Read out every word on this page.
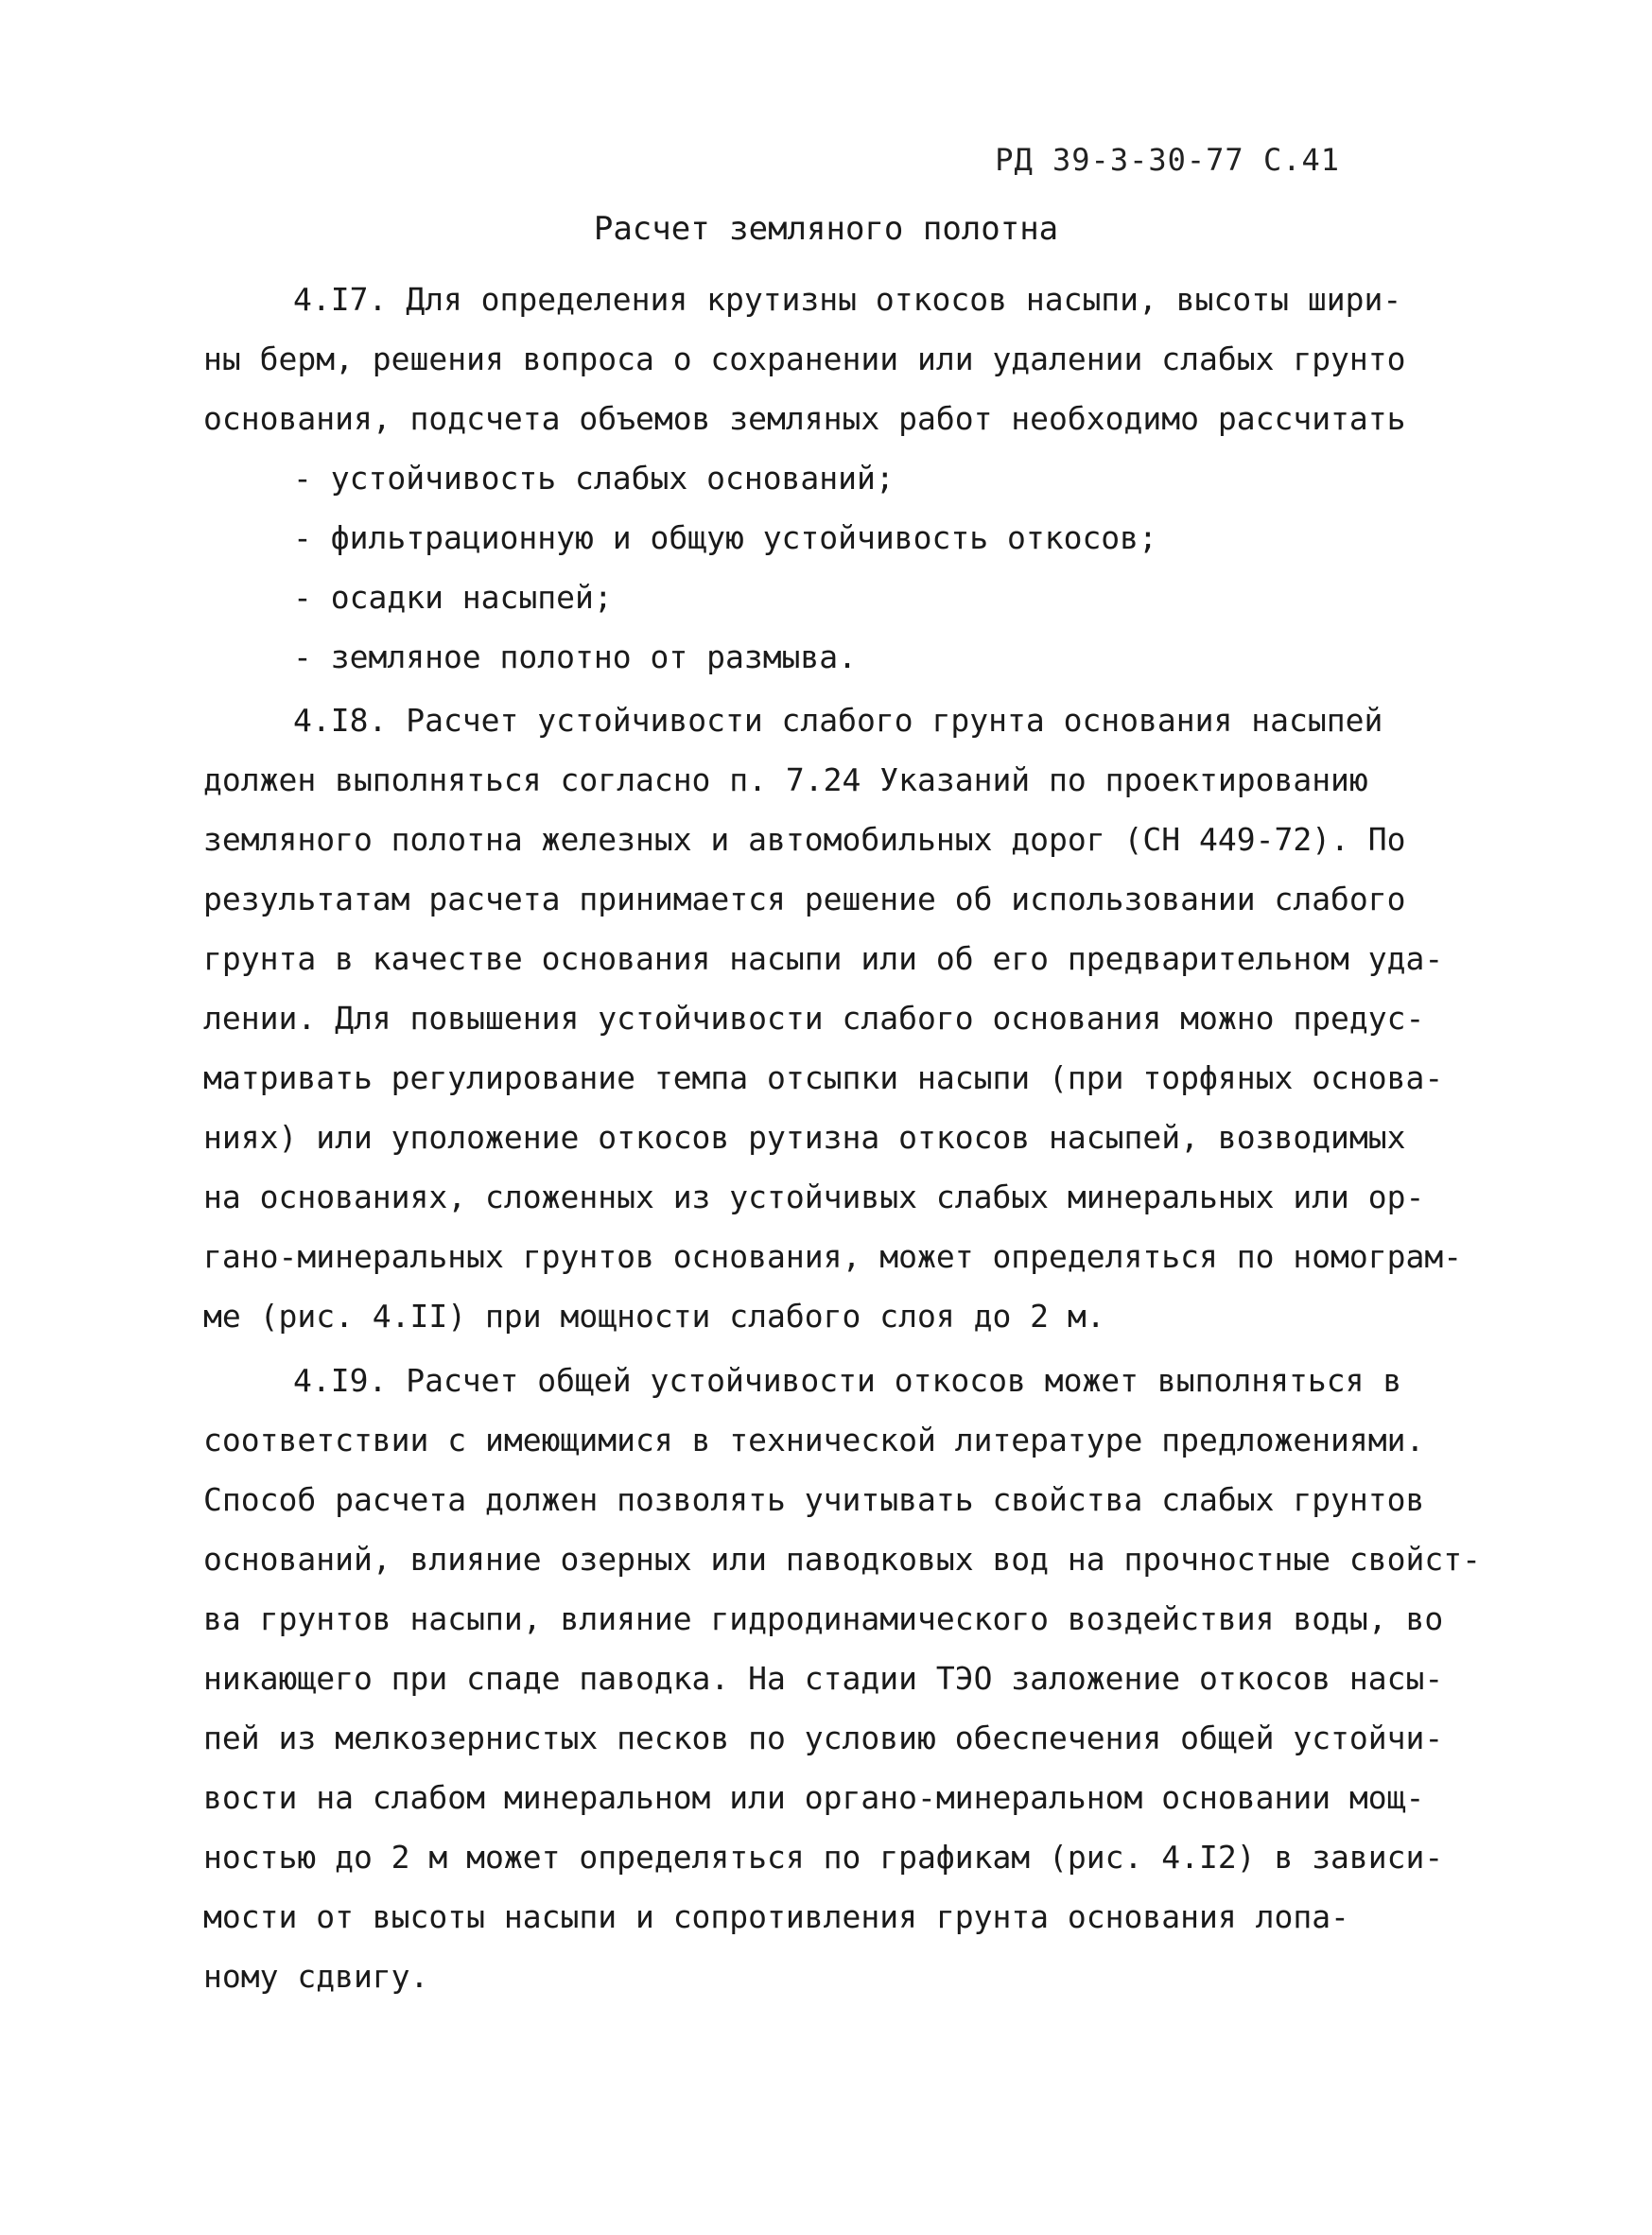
РД 39-3-30-77 С.41
Расчет земляного полотна
4.I7. Для определения крутизны откосов насыпи, высоты шири-
ны берм, решения вопроса о сохранении или удалении слабых грунто
основания, подсчета объемов земляных работ необходимо рассчитать
- устойчивость слабых оснований;
- фильтрационную и общую устойчивость откосов;
- осадки насыпей;
- земляное полотно от размыва.
4.I8. Расчет устойчивости слабого грунта основания насыпей
должен выполняться согласно п. 7.24 Указаний по проектированию
земляного полотна железных и автомобильных дорог (СН 449-72). По
результатам расчета принимается решение об использовании слабого
грунта в качестве основания насыпи или об его предварительном уда-
лении. Для повышения устойчивости слабого основания можно предус-
матривать регулирование темпа отсыпки насыпи (при торфяных основа-
ниях) или уположение откосов рутизна откосов насыпей, возводимых
на основаниях, сложенных из устойчивых слабых минеральных или ор-
гано-минеральных грунтов основания, может определяться по номограм-
ме (рис. 4.II) при мощности слабого слоя до 2 м.
4.I9. Расчет общей устойчивости откосов может выполняться в
соответствии с имеющимися в технической литературе предложениями.
Способ расчета должен позволять учитывать свойства слабых грунтов
оснований, влияние озерных или паводковых вод на прочностные свойст-
ва грунтов насыпи, влияние гидродинамического воздействия воды, во
никающего при спаде паводка. На стадии ТЭО заложение откосов насы-
пей из мелкозернистых песков по условию обеспечения общей устойчи-
вости на слабом минеральном или органо-минеральном основании мощ-
ностью до 2 м может определяться по графикам (рис. 4.I2) в зависи-
мости от высоты насыпи и сопротивления грунта основания лопа-
ному сдвигу.
